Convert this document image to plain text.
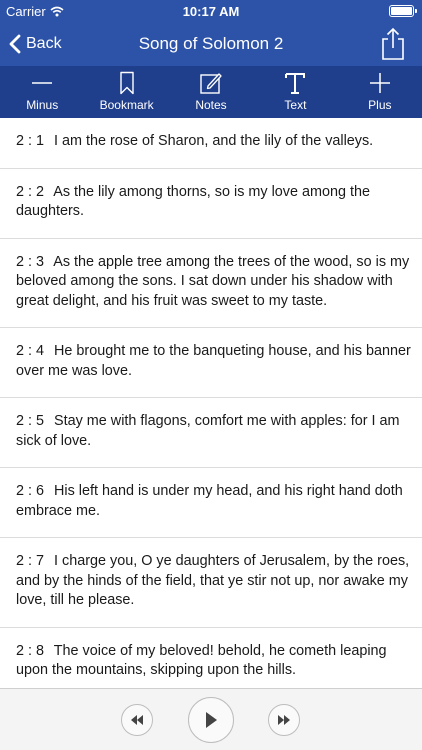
Carrier	10:17 AM
Back	Song of Solomon 2
Minus	Bookmark	Notes	Text	Plus
2 : 1 I am the rose of Sharon, and the lily of the valleys.
2 : 2 As the lily among thorns, so is my love among the daughters.
2 : 3 As the apple tree among the trees of the wood, so is my beloved among the sons. I sat down under his shadow with great delight, and his fruit was sweet to my taste.
2 : 4 He brought me to the banqueting house, and his banner over me was love.
2 : 5 Stay me with flagons, comfort me with apples: for I am sick of love.
2 : 6 His left hand is under my head, and his right hand doth embrace me.
2 : 7 I charge you, O ye daughters of Jerusalem, by the roes, and by the hinds of the field, that ye stir not up, nor awake my love, till he please.
2 : 8 The voice of my beloved! behold, he cometh leaping upon the mountains, skipping upon the hills.
